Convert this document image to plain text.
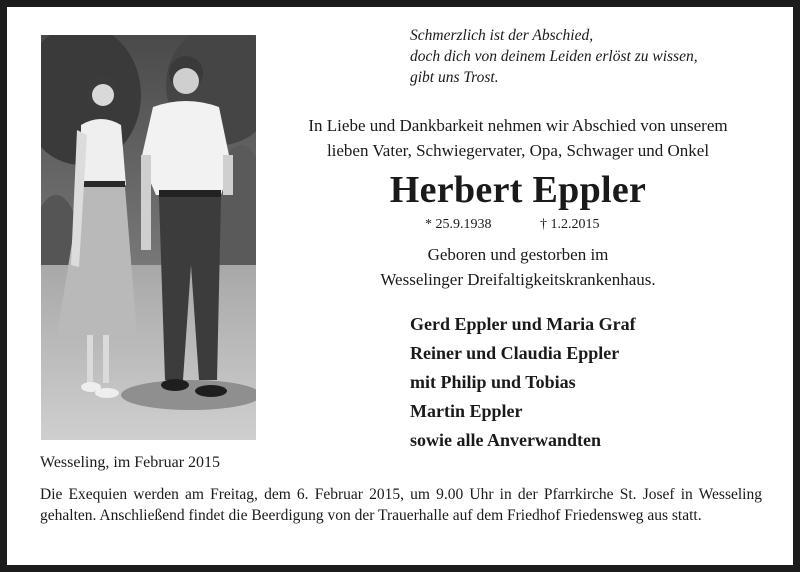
Schmerzlich ist der Abschied,
doch dich von deinem Leiden erlöst zu wissen,
gibt uns Trost.
In Liebe und Dankbarkeit nehmen wir Abschied von unserem
lieben Vater, Schwiegervater, Opa, Schwager und Onkel
Herbert Eppler
* 25.9.1938	† 1.2.2015
Geboren und gestorben im
Wesselinger Dreifaltigkeitskrankenhaus.
Gerd Eppler und Maria Graf
Reiner und Claudia Eppler
mit Philip und Tobias
Martin Eppler
sowie alle Anverwandten
Wesseling, im Februar 2015
Die Exequien werden am Freitag, dem 6. Februar 2015, um 9.00 Uhr in der Pfarrkirche St. Josef in Wesseling gehalten. Anschließend findet die Beerdigung von der Trauerhalle auf dem Friedhof Friedensweg aus statt.
